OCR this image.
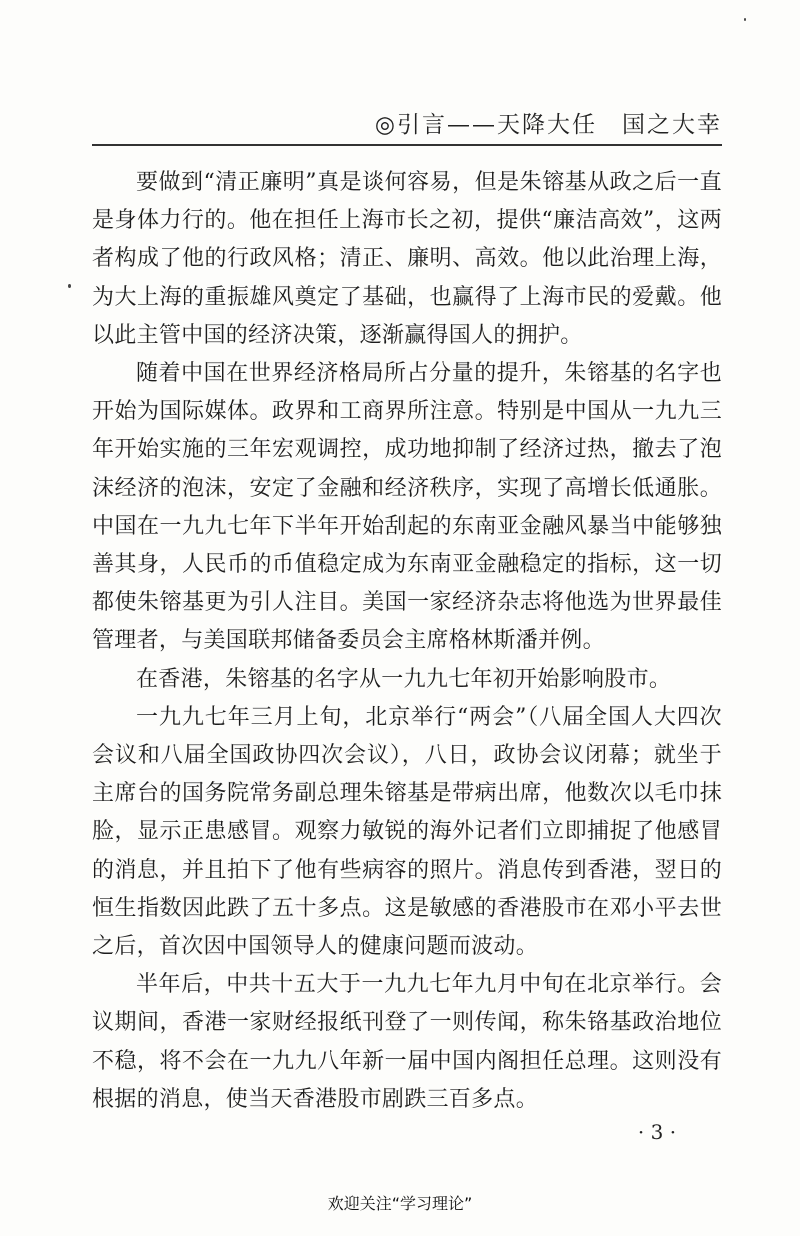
◎引言——天降大任　国之大幸

要做到“清正廉明”真是谈何容易，但是朱镕基从政之后一直是身体力行的。他在担任上海市长之初，提供“廉洁高效”，这两者构成了他的行政风格；清正、廉明、高效。他以此治理上海，为大上海的重振雄风奠定了基础，也赢得了上海市民的爱戴。他以此主管中国的经济决策，逐渐赢得国人的拥护。

随着中国在世界经济格局所占分量的提升，朱镕基的名字也开始为国际媒体。政界和工商界所注意。特别是中国从一九九三年开始实施的三年宏观调控，成功地抑制了经济过热，撤去了泡沫经济的泡沫，安定了金融和经济秩序，实现了高增长低通胀。中国在一九九七年下半年开始刮起的东南亚金融风暴当中能够独善其身，人民币的币值稳定成为东南亚金融稳定的指标，这一切都使朱镕基更为引人注目。美国一家经济杂志将他选为世界最佳管理者，与美国联邦储备委员会主席格林斯潘并例。

在香港，朱镕基的名字从一九九七年初开始影响股市。

一九九七年三月上旬，北京举行“两会”（八届全国人大四次会议和八届全国政协四次会议），八日，政协会议闭幕；就坐于主席台的国务院常务副总理朱镕基是带病出席，他数次以毛巾抹脸，显示正患感冒。观察力敏锐的海外记者们立即捕捉了他感冒的消息，并且拍下了他有些病容的照片。消息传到香港，翌日的恒生指数因此跌了五十多点。这是敏感的香港股市在邓小平去世之后，首次因中国领导人的健康问题而波动。

半年后，中共十五大于一九九七年九月中旬在北京举行。会议期间，香港一家财经报纸刊登了一则传闻，称朱铬基政治地位不稳，将不会在一九九八年新一届中国内阁担任总理。这则没有根据的消息，使当天香港股市剧跌三百多点。

· 3 ·
欢迎关注“学习理论”
